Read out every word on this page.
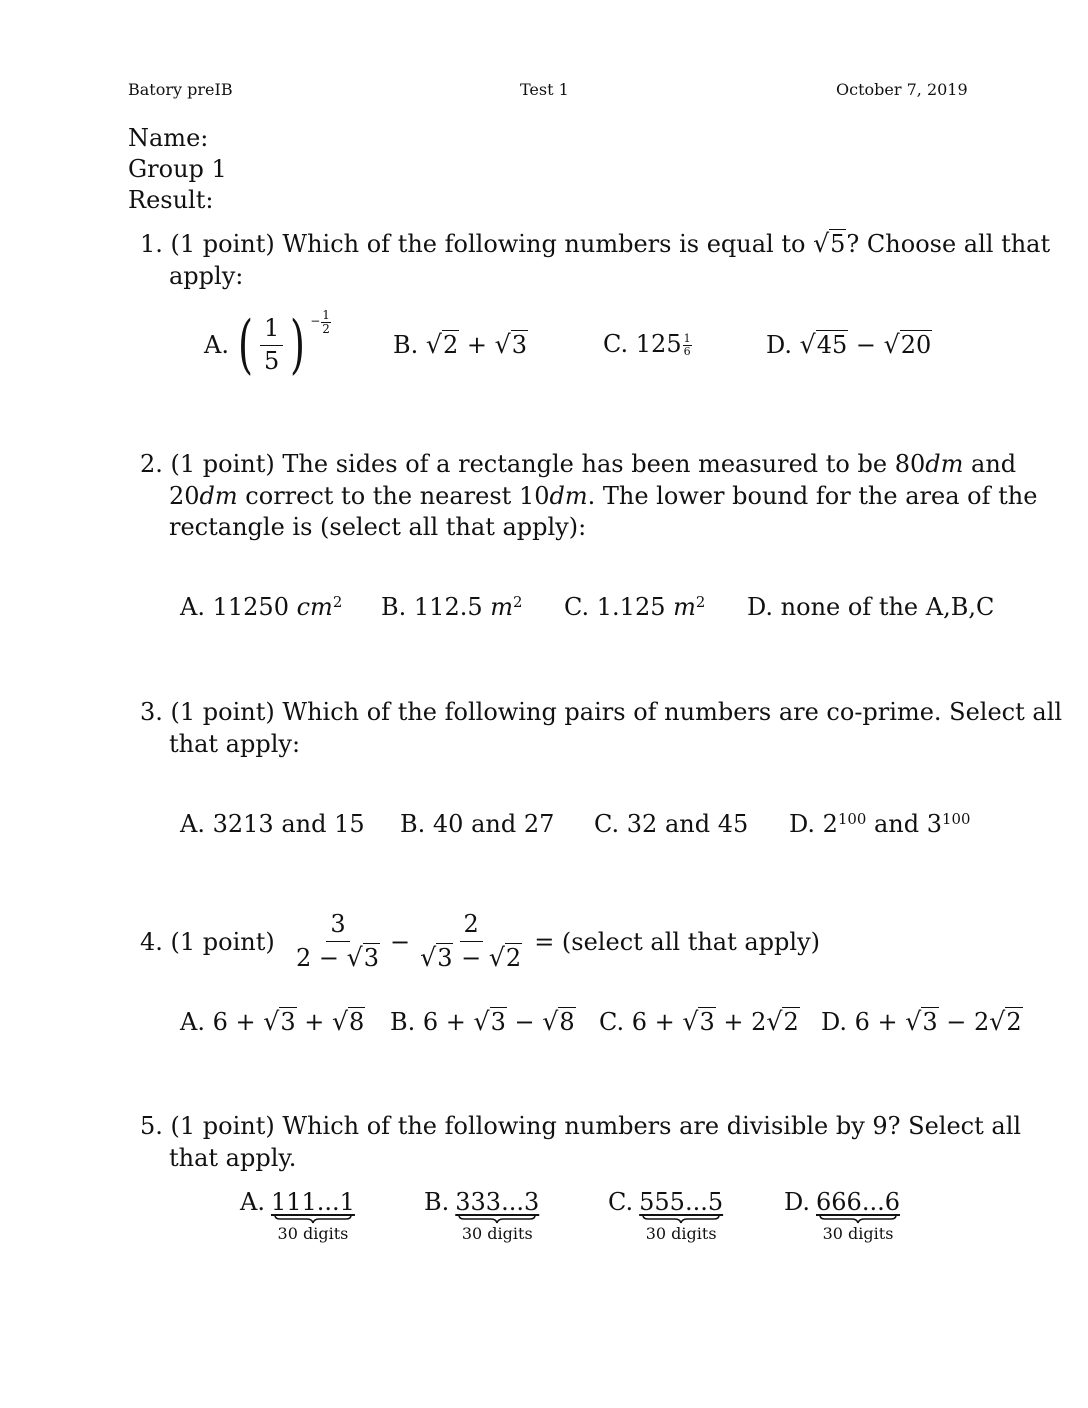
Batory preIB	Test 1	October 7, 2019
Name:
Group 1
Result:
1. (1 point) Which of the following numbers is equal to √5? Choose all that
apply:
A. ( $\frac{1}{5}$ ) − $\frac{1}{2}$
B. √2 + √3	C. $125 \frac{1}{6}$	D. √45 − √20
2. (1 point) The sides of a rectangle has been measured to be 80dm and
20dm correct to the nearest 10dm. The lower bound for the area of the
rectangle is (select all that apply):
A. 11250 $cm^2$ B. 112.5 $m^2$ C. 1.125 $m^2$ D. none of the A,B,C
3. (1 point) Which of the following pairs of numbers are co-prime. Select all
that apply:
A. 3213 and 15 B. 40 and 27 C. 32 and 45 D. $2^{100}$ and $3^{100}$
4.
(1 point)
$\frac{3}{2 - √3} - \frac{2}{√3 - √2}$ = (select all that apply)
A. 6 + √3 + √8 B. 6 + √3 − √8 C. 6 + √3 + 2√2 D. 6 + √3 − 2√2
5. (1 point) Which of the following numbers are divisible by 9? Select all
that apply.
A. 111...1
30 digits
B. 333...3
30 digits
C. 555...5
30 digits
D. 666...6
30 digits
